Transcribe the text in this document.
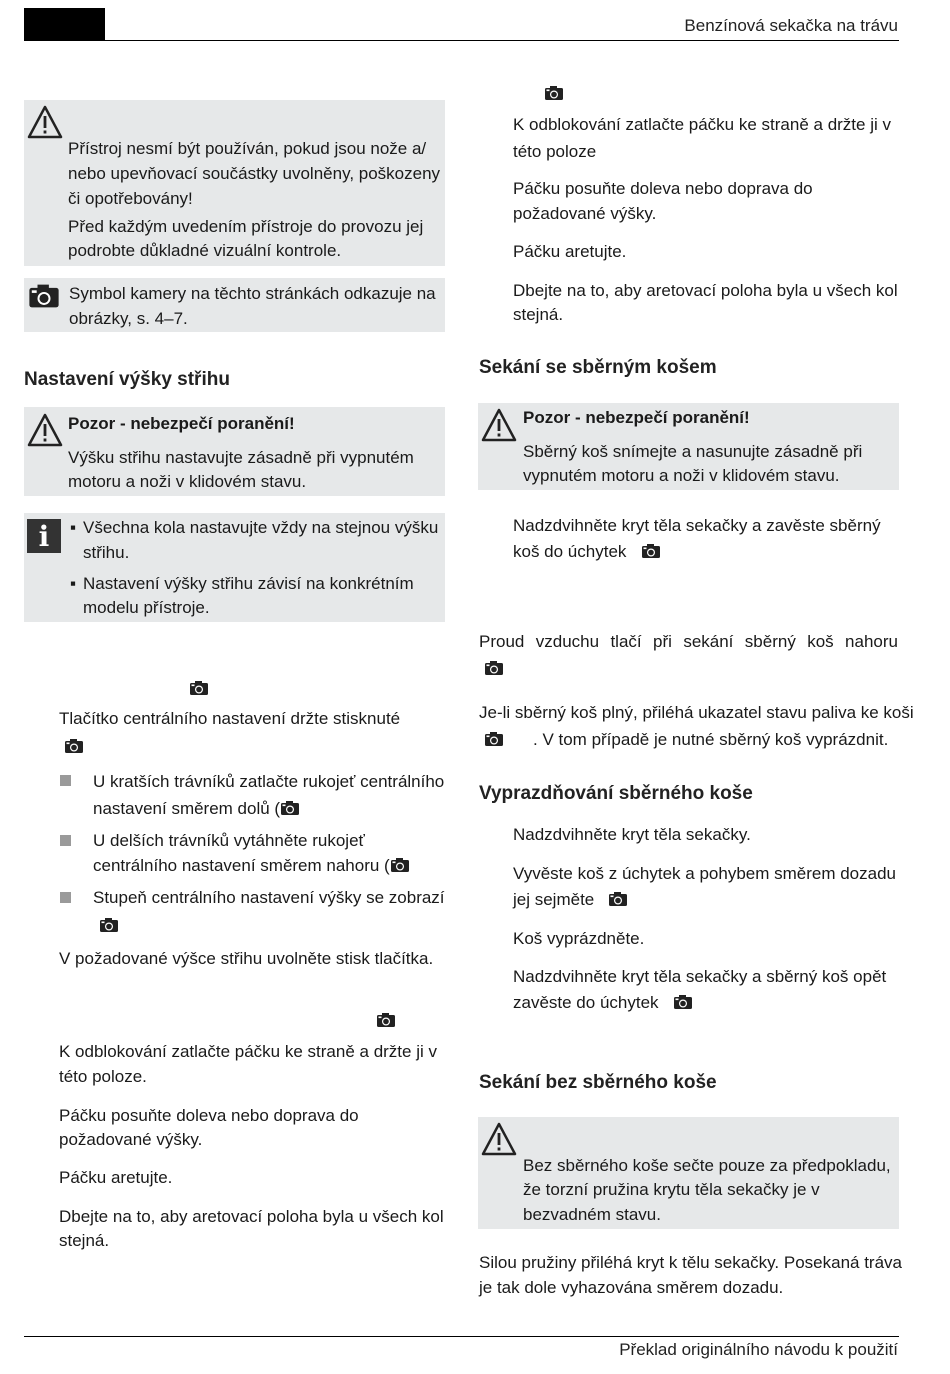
Benzínová sekačka na trávu
Přístroj nesmí být používán, pokud jsou nože a/
nebo upevňovací součástky uvolněny, poškozeny
či opotřebovány!
Před každým uvedením přístroje do provozu jej
podrobte důkladné vizuální kontrole.
Symbol kamery na těchto stránkách odkazuje na
obrázky, s. 4–7.
Nastavení výšky střihu
Pozor - nebezpečí poranění!
Výšku střihu nastavujte zásadně při vypnutém
motoru a noži v klidovém stavu.
i	▪ Všechna kola nastavujte vždy na stejnou výšku
střihu.
▪ Nastavení výšky střihu závisí na konkrétním
modelu přístroje.
Tlačítko centrálního nastavení držte stisknuté
U kratších trávníků zatlačte rukojeť centrálního
nastavení směrem dolů (
U delších trávníků vytáhněte rukojeť
centrálního nastavení směrem nahoru (
Stupeň centrálního nastavení výšky se zobrazí
V požadované výšce střihu uvolněte stisk tlačítka.
K odblokování zatlačte páčku ke straně a držte ji v
této poloze.
Páčku posuňte doleva nebo doprava do
požadované výšky.
Páčku aretujte.
Dbejte na to, aby aretovací poloha byla u všech kol
stejná.
K odblokování zatlačte páčku ke straně a držte ji v
této poloze
Páčku posuňte doleva nebo doprava do
požadované výšky.
Páčku aretujte.
Dbejte na to, aby aretovací poloha byla u všech kol
stejná.
Sekání se sběrným košem
Pozor - nebezpečí poranění!
Sběrný koš snímejte a nasunujte zásadně při
vypnutém motoru a noži v klidovém stavu.
Nadzdvihněte kryt těla sekačky a zavěste sběrný
koš do úchytek
Proud vzduchu tlačí při sekání sběrný koš nahoru
Je-li sběrný koš plný, přiléhá ukazatel stavu paliva ke koši
. V tom případě je nutné sběrný koš vyprázdnit.
Vyprazdňování sběrného koše
Nadzdvihněte kryt těla sekačky.
Vyvěste koš z úchytek a pohybem směrem dozadu
jej sejměte
Koš vyprázdněte.
Nadzdvihněte kryt těla sekačky a sběrný koš opět
zavěste do úchytek
Sekání bez sběrného koše
Bez sběrného koše sečte pouze za předpokladu,
že torzní pružina krytu těla sekačky je v
bezvadném stavu.
Silou pružiny přiléhá kryt k tělu sekačky. Posekaná tráva
je tak dole vyhazována směrem dozadu.
Překlad originálního návodu k použití
